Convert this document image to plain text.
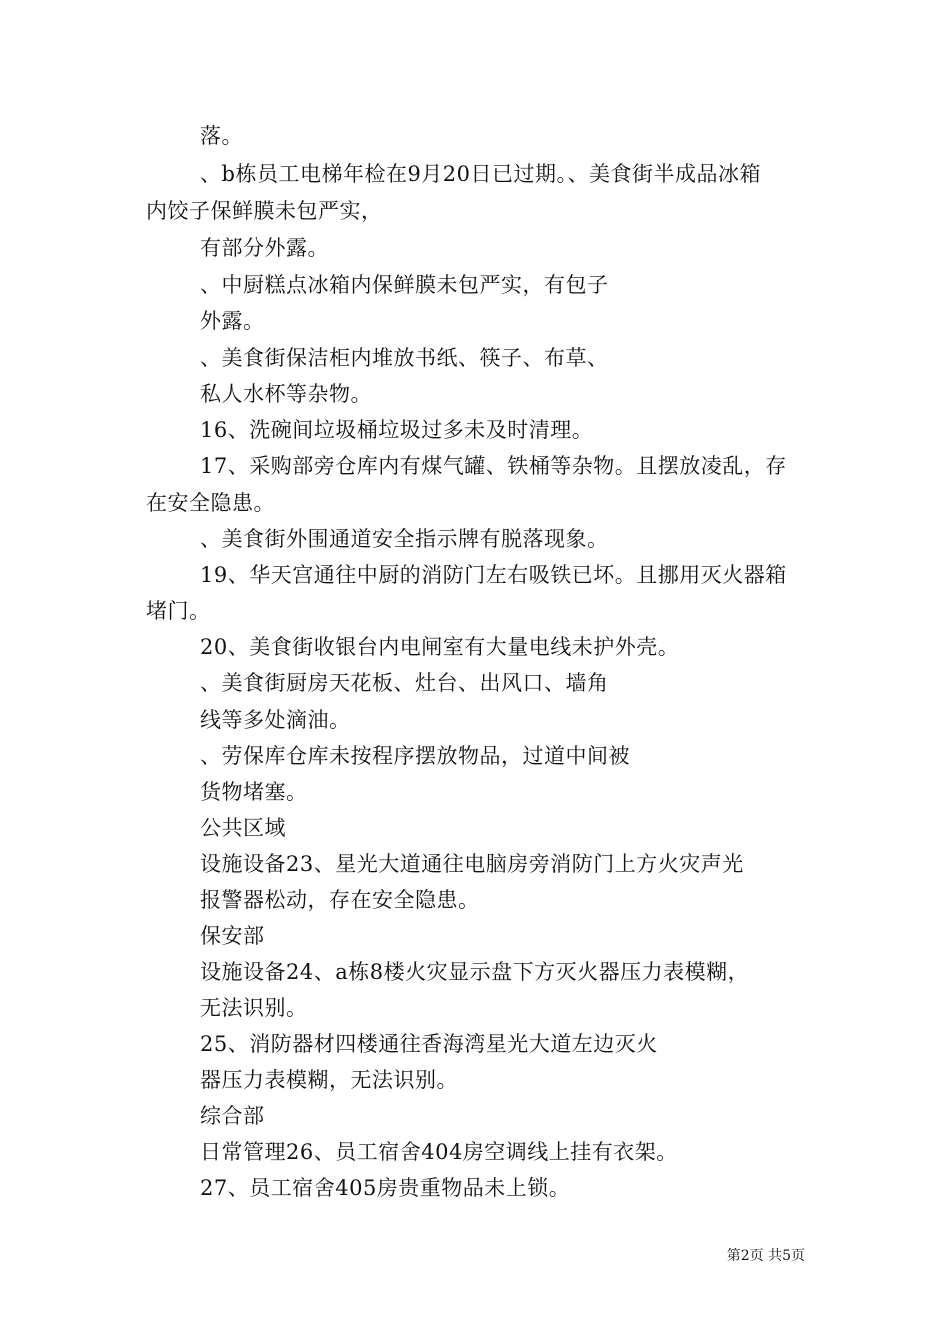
落。
、b栋员工电梯年检在9月20日已过期。、美食街半成品冰箱
内饺子保鲜膜未包严实，
有部分外露。
、中厨糕点冰箱内保鲜膜未包严实，有包子
外露。
、美食街保洁柜内堆放书纸、筷子、布草、
私人水杯等杂物。
16、洗碗间垃圾桶垃圾过多未及时清理。
17、采购部旁仓库内有煤气罐、铁桶等杂物。且摆放凌乱，存
在安全隐患。
、美食街外围通道安全指示牌有脱落现象。
19、华天宫通往中厨的消防门左右吸铁已坏。且挪用灭火器箱
堵门。
20、美食街收银台内电闸室有大量电线未护外壳。
、美食街厨房天花板、灶台、出风口、墙角
线等多处滴油。
、劳保库仓库未按程序摆放物品，过道中间被
货物堵塞。
公共区域
设施设备23、星光大道通往电脑房旁消防门上方火灾声光
报警器松动，存在安全隐患。
保安部
设施设备24、a栋8楼火灾显示盘下方灭火器压力表模糊，
无法识别。
25、消防器材四楼通往香海湾星光大道左边灭火
器压力表模糊，无法识别。
综合部
日常管理26、员工宿舍404房空调线上挂有衣架。
27、员工宿舍405房贵重物品未上锁。
第2页 共5页
